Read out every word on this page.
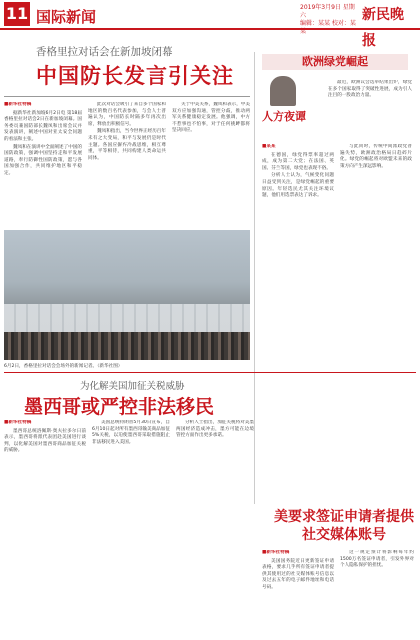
11 国际新闻
2019年3月9日 星期六
编辑：某某 校对：某某
新民晚报
香格里拉对话会在新加坡闭幕
中国防长发言引关注
■新华社特稿

据新华社新加坡6月2日电 第18届香格里拉对话会2日在新加坡闭幕。国务委员兼国防部长魏凤和出席会议并发表演讲，阐述中国对亚太安全问题的看法和主张。

魏凤和在演讲中全面阐述了中国的国防政策，强调中国坚持走和平发展道路，奉行防御性国防政策，愿与各国加强合作，共同维护地区和平稳定。

此次对话会吸引了来自多个国家和地区的数百名代表参加，与会人士普遍认为，中国防长时隔多年再次出席，释放出积极信号。

魏凤和指出，当今世界正经历百年未有之大变局，和平与发展仍是时代主题。各国应摒弃冷战思维，相互尊重，平等相待，共同构建人类命运共同体。

关于中美关系，魏凤和表示，中美双方应加强沟通，管控分歧，推动两军关系健康稳定发展。他强调，中方不惹事也不怕事，对于任何挑衅都将坚决回应。

6月2日，香格里拉对话会会场外的新闻记者。（新华社图）
欧洲绿党崛起
人方夜谭

最近，欧洲议会选举结果出炉，绿党在多个国家取得了突破性进展，成为引人注目的一股政治力量。

■某某

在德国，绿党得票率超过两成，成为第二大党；在法国、英国、芬兰等国，绿党也表现不俗。

分析人士认为，气候变化问题日益受到关注，是绿党崛起的重要原因。年轻选民尤其关注环境议题，他们用选票表达了诉求。

与此同时，传统中间派政党普遍失势，欧洲政治格局日趋碎片化。绿党的崛起将对欧盟未来的政策方向产生深远影响。

为化解美国加征关税威胁
墨西哥或严控非法移民
■新华社特稿

墨西哥总统洛佩斯·奥夫拉多尔日前表示，墨西哥将派代表团赴美国进行谈判，以化解美国对墨西哥商品加征关税的威胁。

美国总统特朗普5月30日宣布，自6月10日起对所有墨西哥输美商品加征5%关税，以迫使墨西哥采取措施阻止非法移民进入美国。

分析人士指出，加征关税将对美墨两国经济造成冲击，墨方可能在边境管控方面作出更多承诺。

美要求签证申请者提供社交媒体账号
■新华社特稿

美国国务院近日更新签证申请表格，要求几乎所有签证申请者提供其使用过的社交媒体账号信息以及过去五年的电子邮件地址和电话号码。

这一规定预计将影响每年约1500万名签证申请者，引发外界对个人隐私保护的担忧。
